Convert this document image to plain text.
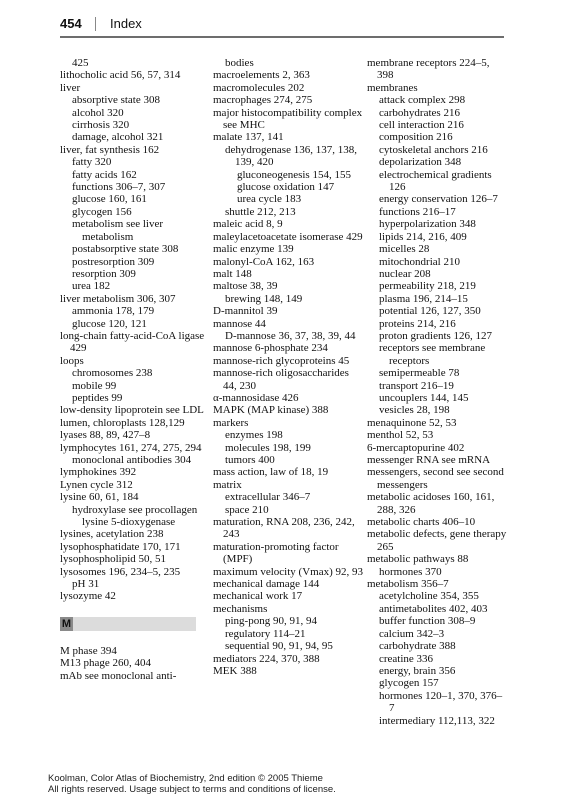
454 Index
425
lithocholic acid 56, 57, 314
liver
absorptive state 308
alcohol 320
cirrhosis 320
damage, alcohol 321
liver, fat synthesis 162
fatty 320
fatty acids 162
functions 306–7, 307
glucose 160, 161
glycogen 156
metabolism see liver metabolism
postabsorptive state 308
postresorption 309
resorption 309
urea 182
liver metabolism 306, 307
ammonia 178, 179
glucose 120, 121
long-chain fatty-acid-CoA ligase 429
loops
chromosomes 238
mobile 99
peptides 99
low-density lipoprotein see LDL
lumen, chloroplasts 128,129
lyases 88, 89, 427–8
lymphocytes 161, 274, 275, 294
monoclonal antibodies 304
lymphokines 392
Lynen cycle 312
lysine 60, 61, 184
hydroxylase see procollagen lysine 5-dioxygenase
lysines, acetylation 238
lysophosphatidate 170, 171
lysophospholipid 50, 51
lysosomes 196, 234–5, 235
pH 31
lysozyme 42
M
M phase 394
M13 phage 260, 404
mAb see monoclonal anti-
bodies
macroelements 2, 363
macromolecules 202
macrophages 274, 275
major histocompatibility complex see MHC
malate 137, 141
dehydrogenase 136, 137, 138, 139, 420
gluconeogenesis 154, 155
glucose oxidation 147
urea cycle 183
shuttle 212, 213
maleic acid 8, 9
maleylacetoacetate isomerase 429
malic enzyme 139
malonyl-CoA 162, 163
malt 148
maltose 38, 39
brewing 148, 149
D-mannitol 39
mannose 44
D-mannose 36, 37, 38, 39, 44
mannose 6-phosphate 234
mannose-rich glycoproteins 45
mannose-rich oligosaccharides 44, 230
α-mannosidase 426
MAPK (MAP kinase) 388
markers
enzymes 198
molecules 198, 199
tumors 400
mass action, law of 18, 19
matrix
extracellular 346–7
space 210
maturation, RNA 208, 236, 242, 243
maturation-promoting factor (MPF)
maximum velocity (Vmax) 92, 93
mechanical damage 144
mechanical work 17
mechanisms
ping-pong 90, 91, 94
regulatory 114–21
sequential 90, 91, 94, 95
mediators 224, 370, 388
MEK 388
membrane receptors 224–5, 398
membranes
attack complex 298
carbohydrates 216
cell interaction 216
composition 216
cytoskeletal anchors 216
depolarization 348
electrochemical gradients 126
energy conservation 126–7
functions 216–17
hyperpolarization 348
lipids 214, 216, 409
micelles 28
mitochondrial 210
nuclear 208
permeability 218, 219
plasma 196, 214–15
potential 126, 127, 350
proteins 214, 216
proton gradients 126, 127
receptors see membrane receptors
semipermeable 78
transport 216–19
uncouplers 144, 145
vesicles 28, 198
menaquinone 52, 53
menthol 52, 53
6-mercaptopurine 402
messenger RNA see mRNA
messengers, second see second messengers
metabolic acidoses 160, 161, 288, 326
metabolic charts 406–10
metabolic defects, gene therapy 265
metabolic pathways 88
hormones 370
metabolism 356–7
acetylcholine 354, 355
antimetabolites 402, 403
buffer function 308–9
calcium 342–3
carbohydrate 388
creatine 336
energy, brain 356
glycogen 157
hormones 120–1, 370, 376–7
intermediary 112,113, 322
Koolman, Color Atlas of Biochemistry, 2nd edition © 2005 Thieme
All rights reserved. Usage subject to terms and conditions of license.
